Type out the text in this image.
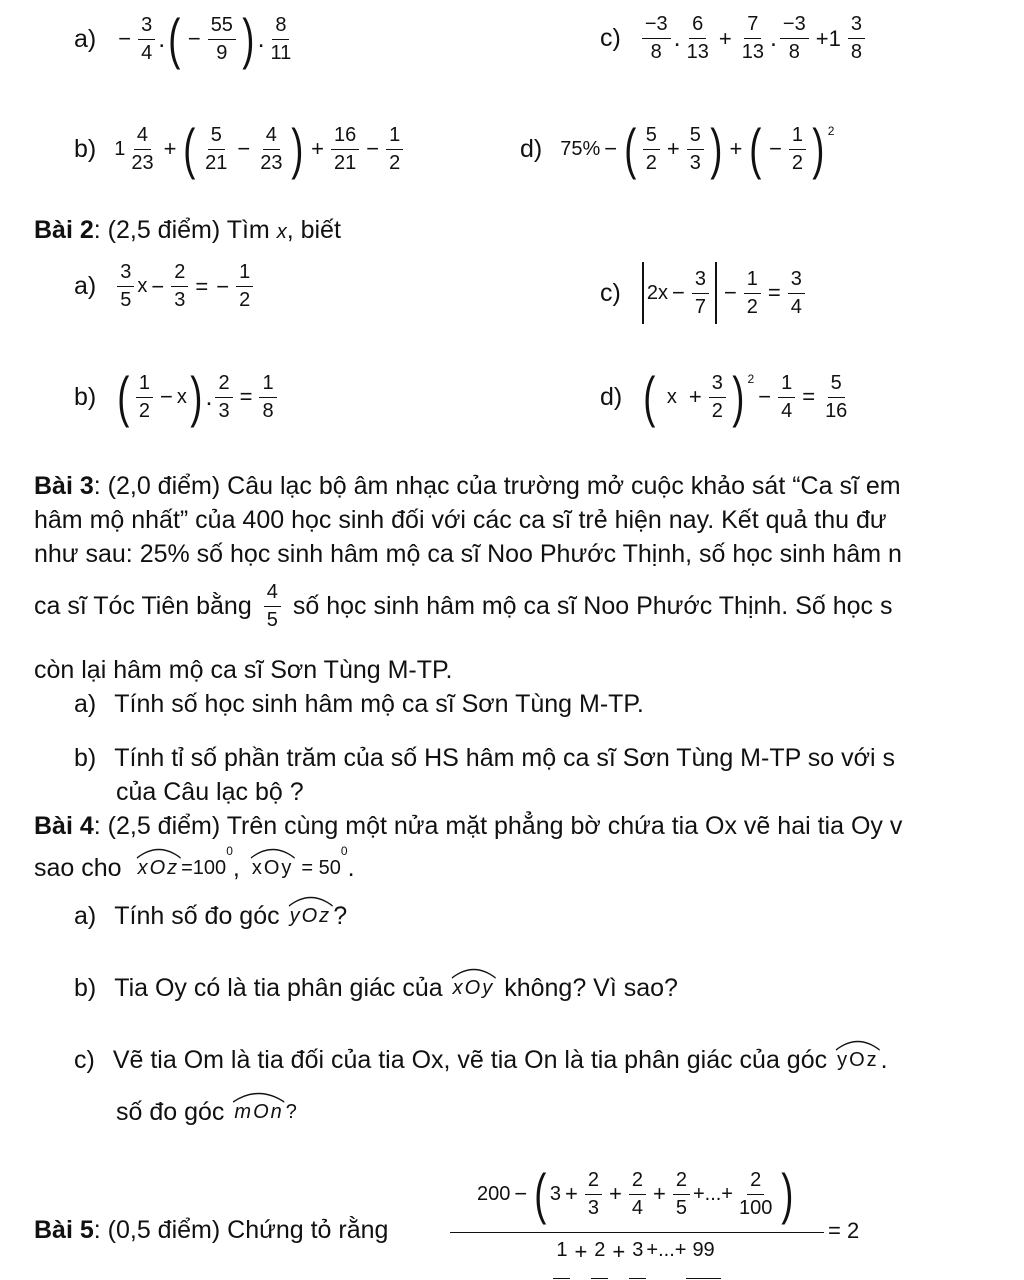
$a) - \frac{3}{4}$ . ( − $\frac{55}{9}$ ) . $\frac{8}{11}$	$c) \frac{-3}{8}$ . $\frac{6}{13} + \frac{7}{13}$ . $\frac{-3}{8} +1 \frac{3}{8}$
b) $1 \frac{4}{23}$ + ( $\frac{5}{21} - \frac{4}{23}$ ) + $\frac{16}{21} - \frac{1}{2}$	d) 75% − ( $\frac{5}{2} + \frac{5}{3}$ ) + ( − $\frac{1}{2}$ ) 2
Bài 2: (2,5 điểm) Tìm x, biết
$a) \frac{3}{5}$ $x - \frac{2}{3}$ = − $\frac{1}{2}$	c) $2x - \frac{3}{7} - \frac{1}{2} = \frac{3}{4}$
b) ( $\frac{1}{2} - x$ ) . $\frac{2}{3} = \frac{1}{8}$	d) ( $x + \frac{3}{2}$ ) 2
− $\frac{1}{4} = \frac{5}{16}$
Bài 3: (2,0 điểm) Câu lạc bộ âm nhạc của trường mở cuộc khảo sát “Ca sĩ em
hâm mộ nhất” của 400 học sinh đối với các ca sĩ trẻ hiện nay. Kết quả thu đư
như sau: 25% số học sinh hâm mộ ca sĩ Noo Phước Thịnh, số học sinh hâm n
ca sĩ Tóc Tiên bằng $\frac{4}{5}$ số học sinh hâm mộ ca sĩ Noo Phước Thịnh. Số học s
còn lại hâm mộ ca sĩ Sơn Tùng M-TP.
a) Tính số học sinh hâm mộ ca sĩ Sơn Tùng M-TP.
b) Tính tỉ số phần trăm của số HS hâm mộ ca sĩ Sơn Tùng M-TP so với s
của Câu lạc bộ ?
Bài 4: (2,5 điểm) Trên cùng một nửa mặt phẳng bờ chứa tia Ox vẽ hai tia Oy v
sao cho xOz =100
0
, xOy = 50
0
.
a) Tính số đo góc yOz ?
b) Tia Oy có là tia phân giác của xOy không? Vì sao?
c) Vẽ tia Om là tia đối của tia Ox, vẽ tia On là tia phân giác của góc yOz .
số đo góc mOn ?
Bài 5: (0,5 điểm) Chứng tỏ rằng
200 − ( $3 + \frac{2}{3} + \frac{2}{4} + \frac{2}{5}$ +...+ $\frac{2}{100}$ )
1 + 2 + 3 +...+ 99
= 2
